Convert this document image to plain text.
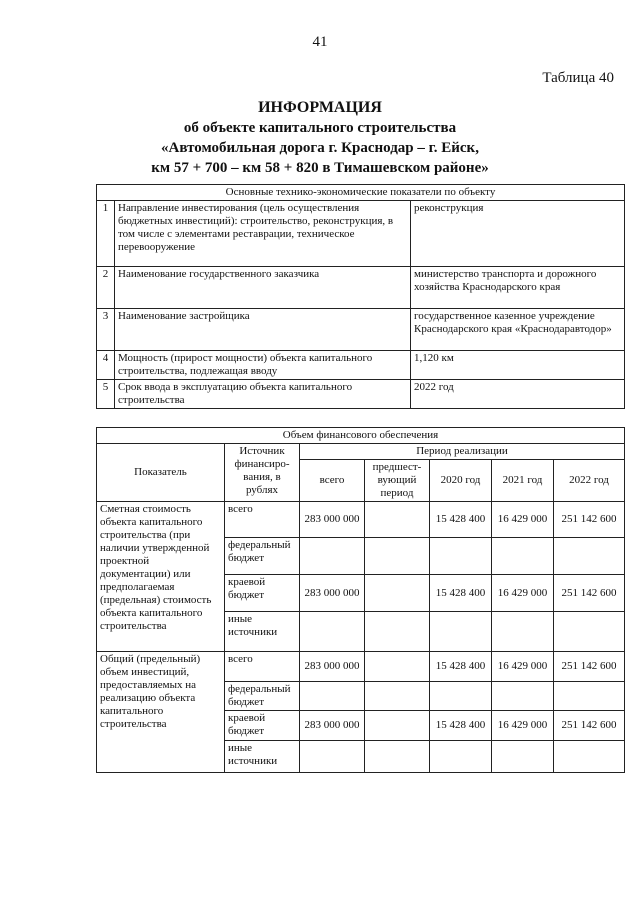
41
Таблица 40
ИНФОРМАЦИЯ
об объекте капитального строительства
«Автомобильная дорога г. Краснодар – г. Ейск,
км 57 + 700 – км 58 + 820 в Тимашевском районе»
Основные технико-экономические показатели по объекту		
1	Направление инвестирования (цель осуществления бюджетных инвестиций): строительство, реконструкция, в том числе с элементами реставрации, техническое перевооружение	реконструкция
2	Наименование государственного заказчика	министерство транспорта и дорожного хозяйства Краснодарского края
3	Наименование застройщика	государственное казенное учреждение Краснодарского края «Краснодаравтодор»
4	Мощность (прирост мощности) объекта капитального строительства, подлежащая вводу	1,120 км
5	Срок ввода в эксплуатацию объекта капитального строительства	2022 год
Объем финансового обеспечения						
Показатель	Источник финансиро-вания, в рублях	Период реализации				
		всего	предшест-вующий период	2020 год	2021 год	2022 год
Сметная стоимость объекта капитального строительства (при наличии утвержденной проектной документации) или предполагаемая (предельная) стоимость объекта капитального строительства	всего	283 000 000		15 428 400	16 429 000	251 142 600
	федеральный бюджет					
	краевой бюджет	283 000 000		15 428 400	16 429 000	251 142 600
	иные источники					
Общий (предельный) объем инвестиций, предоставляемых на реализацию объекта капитального строительства	всего	283 000 000		15 428 400	16 429 000	251 142 600
	федеральный бюджет					
	краевой бюджет	283 000 000		15 428 400	16 429 000	251 142 600
	иные источники					
